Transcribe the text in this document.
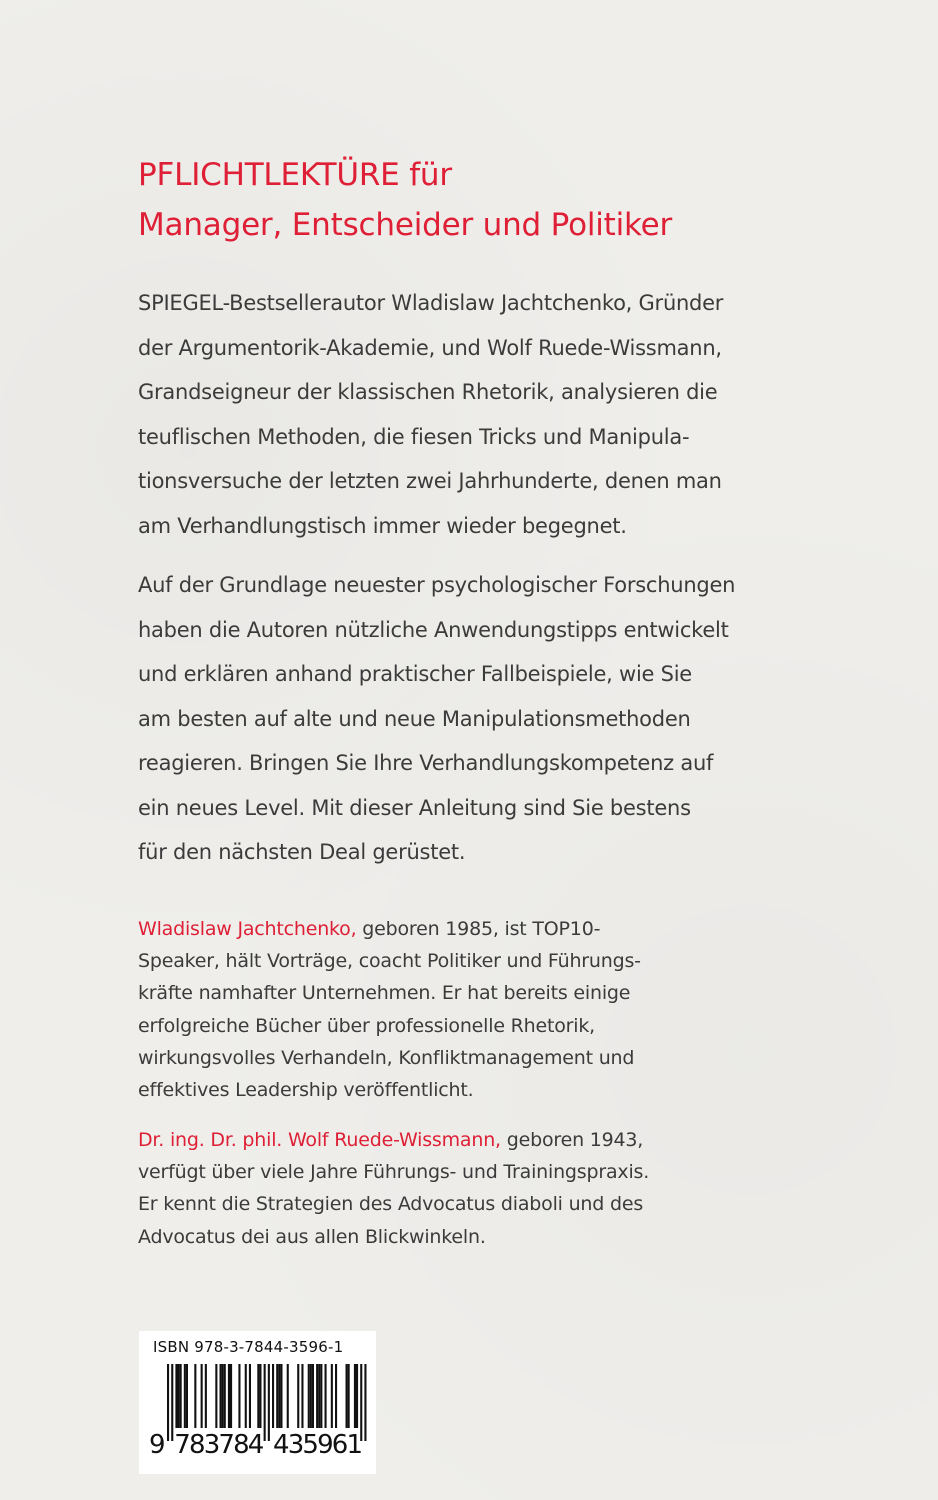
PFLICHTLEKTÜRE für
Manager, Entscheider und Politiker

SPIEGEL-Bestsellerautor Wladislaw Jachtchenko, Gründer
der Argumentorik-Akademie, und Wolf Ruede-Wissmann,
Grandseigneur der klassischen Rhetorik, analysieren die
teuflischen Methoden, die fiesen Tricks und Manipula-
tionsversuche der letzten zwei Jahrhunderte, denen man
am Verhandlungstisch immer wieder begegnet.

Auf der Grundlage neuester psychologischer Forschungen
haben die Autoren nützliche Anwendungstipps entwickelt
und erklären anhand praktischer Fallbeispiele, wie Sie
am besten auf alte und neue Manipulationsmethoden
reagieren. Bringen Sie Ihre Verhandlungskompetenz auf
ein neues Level. Mit dieser Anleitung sind Sie bestens
für den nächsten Deal gerüstet.

Wladislaw Jachtchenko, geboren 1985, ist TOP10-
Speaker, hält Vorträge, coacht Politiker und Führungs-
kräfte namhafter Unternehmen. Er hat bereits einige
erfolgreiche Bücher über professionelle Rhetorik,
wirkungsvolles Verhandeln, Konfliktmanagement und
effektives Leadership veröffentlicht.

Dr. ing. Dr. phil. Wolf Ruede-Wissmann, geboren 1943,
verfügt über viele Jahre Führungs- und Trainingspraxis.
Er kennt die Strategien des Advocatus diaboli und des
Advocatus dei aus allen Blickwinkeln.

ISBN 978-3-7844-3596-1
9 7
8
3
7
8
4 4
3
5
9
6
1
